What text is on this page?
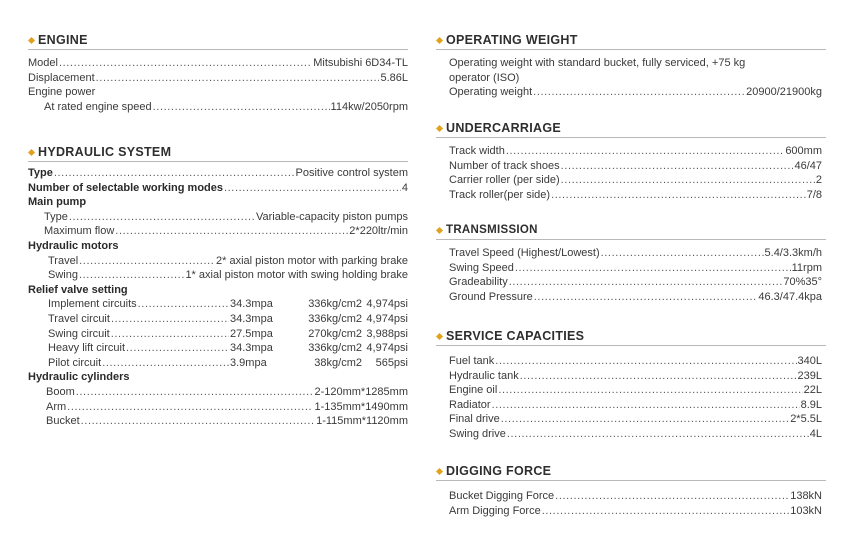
ENGINE
Model .....	Mitsubishi 6D34-TL
Displacement .....	5.86L
Engine power
At rated engine speed .....	114kw/2050rpm
HYDRAULIC SYSTEM
Type .....	Positive control system
Number of selectable working modes .....	4
Main pump
Type .....	Variable-capacity piston pumps
Maximum flow .....	2*220ltr/min
Hydraulic motors
Travel .....	2* axial piston motor with parking brake
Swing .....	1* axial piston motor with swing holding brake
Relief valve setting
Implement circuits .....	34.3mpa	336kg/cm2 4,974psi
Travel circuit .....	34.3mpa	336kg/cm2 4,974psi
Swing circuit .....	27.5mpa	270kg/cm2 3,988psi
Heavy lift circuit .....	34.3mpa	336kg/cm2 4,974psi
Pilot circuit .....	3.9mpa	38kg/cm2	565psi
Hydraulic cylinders
Boom .....	2-120mm*1285mm
Arm .....	1-135mm*1490mm
Bucket .....	1-115mm*1120mm
OPERATING WEIGHT
Operating weight with standard bucket, fully serviced, +75 kg
operator (ISO)
Operating weight .....	20900/21900kg
UNDERCARRIAGE
Track width .....	600mm
Number of track shoes .....	46/47
Carrier roller (per side) .....	2
Track roller(per side) .....	7/8
TRANSMISSION
Travel Speed (Highest/Lowest) .....	5.4/3.3km/h
Swing Speed .....	11rpm
Gradeability .....	70%35°
Ground Pressure .....	46.3/47.4kpa
SERVICE CAPACITIES
Fuel tank .....	340L
Hydraulic tank .....	239L
Engine oil .....	22L
Radiator .....	8.9L
Final drive .....	2*5.5L
Swing drive .....	4L
DIGGING FORCE
Bucket Digging Force .....	138kN
Arm Digging Force .....	103kN
